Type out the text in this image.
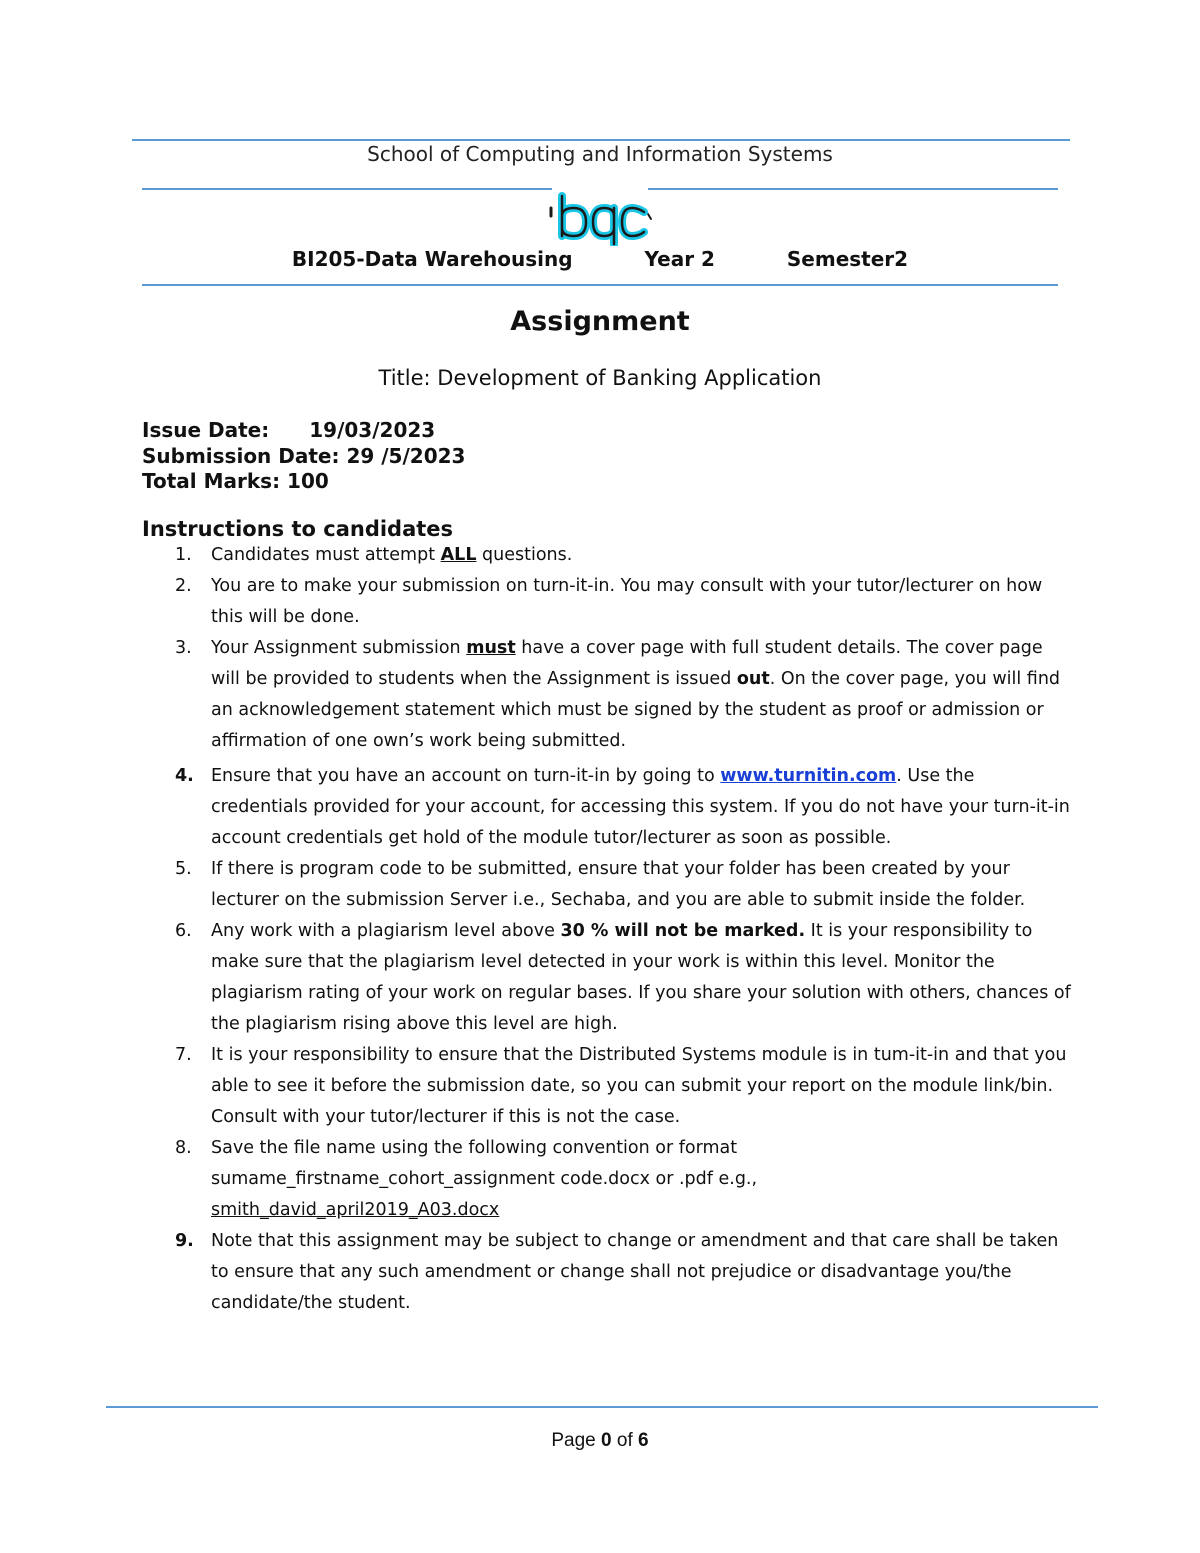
School of Computing and Information Systems
BI205-Data Warehousing	Year 2	Semester2
Assignment
Title: Development of Banking Application
Issue Date: 19/03/2023
Submission Date: 29 /5/2023
Total Marks: 100
Instructions to candidates
1.	Candidates must attempt ALL questions.
2.	You are to make your submission on turn-it-in. You may consult with your tutor/lecturer on how this will be done.
3.	Your Assignment submission must have a cover page with full student details. The cover page will be provided to students when the Assignment is issued out. On the cover page, you will find an acknowledgement statement which must be signed by the student as proof or admission or affirmation of one own’s work being submitted.
4. Ensure that you have an account on turn-it-in by going to www.turnitin.com. Use the credentials provided for your account, for accessing this system. If you do not have your turn-it-in account credentials get hold of the module tutor/lecturer as soon as possible.
5.	If there is program code to be submitted, ensure that your folder has been created by your lecturer on the submission Server i.e., Sechaba, and you are able to submit inside the folder.
6.	Any work with a plagiarism level above 30 % will not be marked. It is your responsibility to make sure that the plagiarism level detected in your work is within this level. Monitor the plagiarism rating of your work on regular bases. If you share your solution with others, chances of the plagiarism rising above this level are high.
7.	It is your responsibility to ensure that the Distributed Systems module is in tum-it-in and that you able to see it before the submission date, so you can submit your report on the module link/bin. Consult with your tutor/lecturer if this is not the case.
8.	Save the file name using the following convention or format
sumame_firstname_cohort_assignment code.docx or .pdf e.g.,
smith_david_april2019_A03.docx
9. Note that this assignment may be subject to change or amendment and that care shall be taken to ensure that any such amendment or change shall not prejudice or disadvantage you/the candidate/the student.
Page 0 of 6
